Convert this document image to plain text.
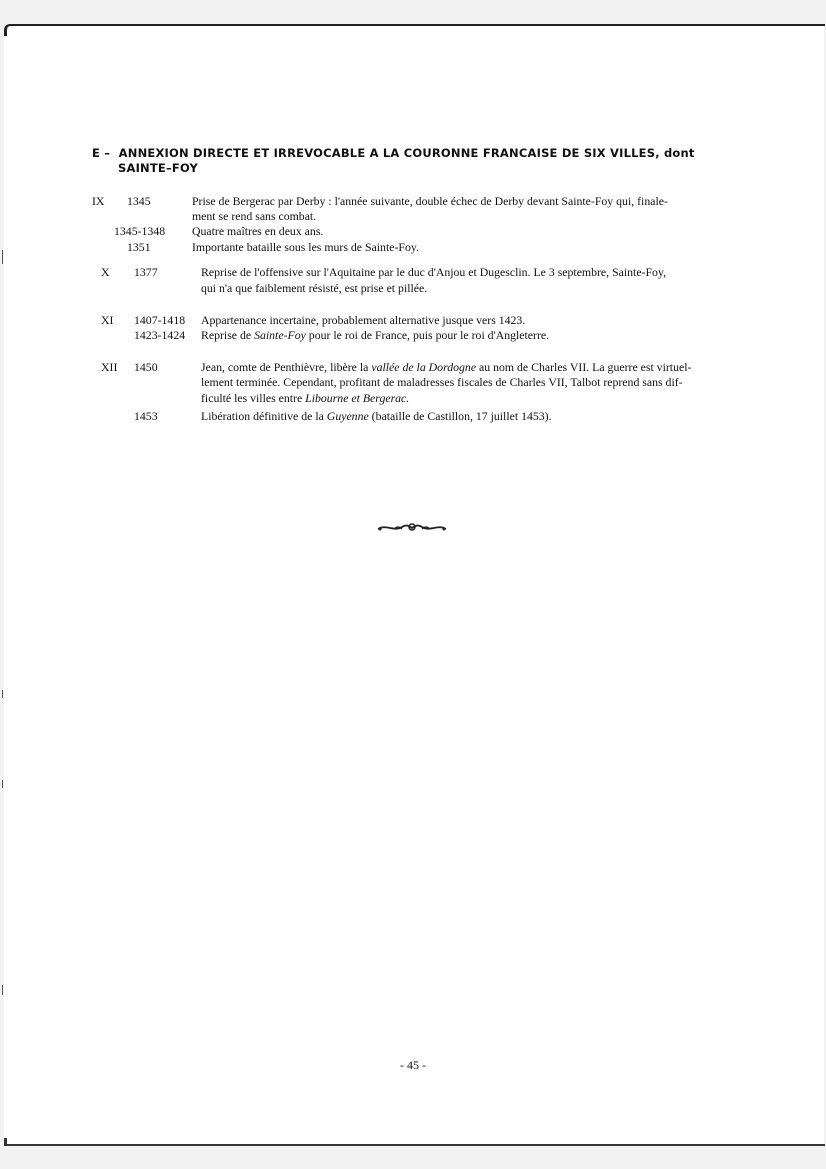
E – ANNEXION DIRECTE ET IRREVOCABLE A LA COURONNE FRANCAISE DE SIX VILLES, dont
SAINTE–FOY
IX 1345	Prise de Bergerac par Derby : l'année suivante, double échec de Derby devant Sainte-Foy qui, finale-
ment se rend sans combat.
1345-1348 Quatre maîtres en deux ans.
1351	Importante bataille sous les murs de Sainte-Foy.
X 1377	Reprise de l'offensive sur l'Aquitaine par le duc d'Anjou et Dugesclin. Le 3 septembre, Sainte-Foy,
qui n'a que faiblement résisté, est prise et pillée.
XI 1407-1418 Appartenance incertaine, probablement alternative jusque vers 1423.
1423-1424 Reprise de Sainte-Foy pour le roi de France, puis pour le roi d'Angleterre.
XII 1450	Jean, comte de Penthièvre, libère la vallée de la Dordogne au nom de Charles VII. La guerre est virtuel-
lement terminée. Cependant, profitant de maladresses fiscales de Charles VII, Talbot reprend sans dif-
ficulté les villes entre Libourne et Bergerac.
1453	Libération définitive de la Guyenne (bataille de Castillon, 17 juillet 1453).
- 45 -
